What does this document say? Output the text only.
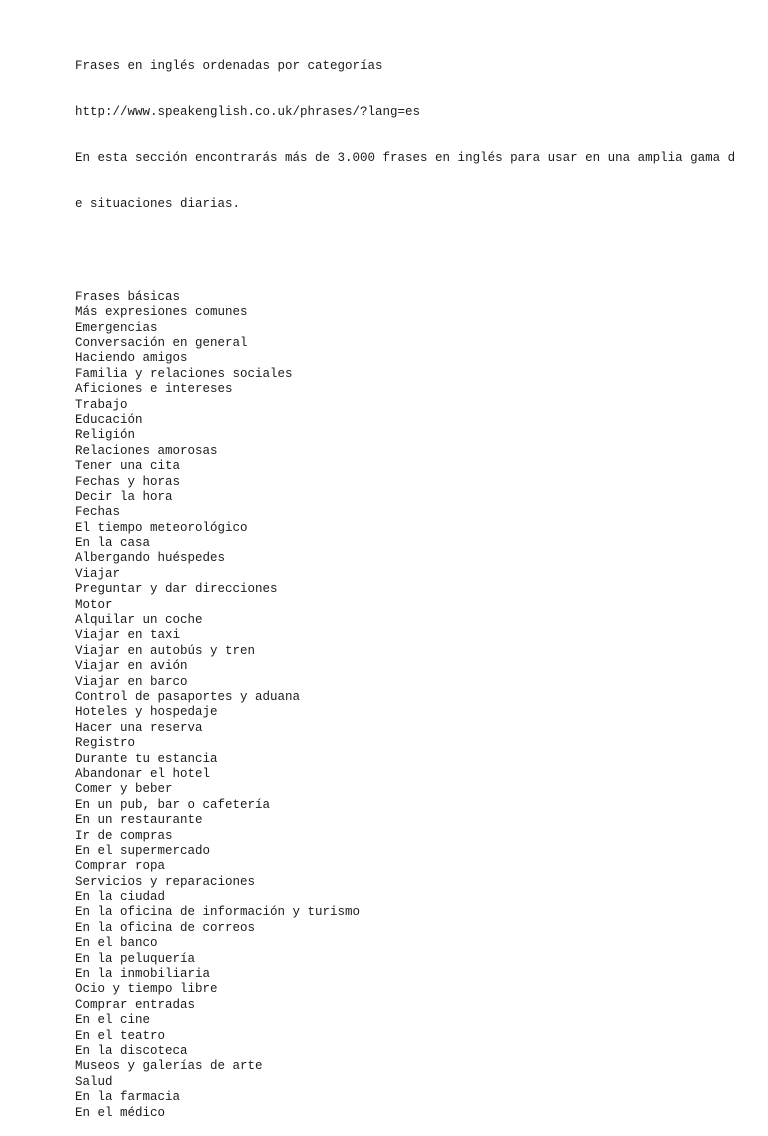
Frases en inglés ordenadas por categorías

http://www.speakenglish.co.uk/phrases/?lang=es

En esta sección encontrarás más de 3.000 frases en inglés para usar en una amplia gama d

e situaciones diarias.

Frases básicas
Más expresiones comunes
Emergencias
Conversación en general
Haciendo amigos
Familia y relaciones sociales
Aficiones e intereses
Trabajo
Educación
Religión
Relaciones amorosas
Tener una cita
Fechas y horas
Decir la hora
Fechas
El tiempo meteorológico
En la casa
Albergando huéspedes
Viajar
Preguntar y dar direcciones
Motor
Alquilar un coche
Viajar en taxi
Viajar en autobús y tren
Viajar en avión
Viajar en barco
Control de pasaportes y aduana
Hoteles y hospedaje
Hacer una reserva
Registro
Durante tu estancia
Abandonar el hotel
Comer y beber
En un pub, bar o cafetería
En un restaurante
Ir de compras
En el supermercado
Comprar ropa
Servicios y reparaciones
En la ciudad
En la oficina de información y turismo
En la oficina de correos
En el banco
En la peluquería
En la inmobiliaria
Ocio y tiempo libre
Comprar entradas
En el cine
En el teatro
En la discoteca
Museos y galerías de arte
Salud
En la farmacia
En el médico
